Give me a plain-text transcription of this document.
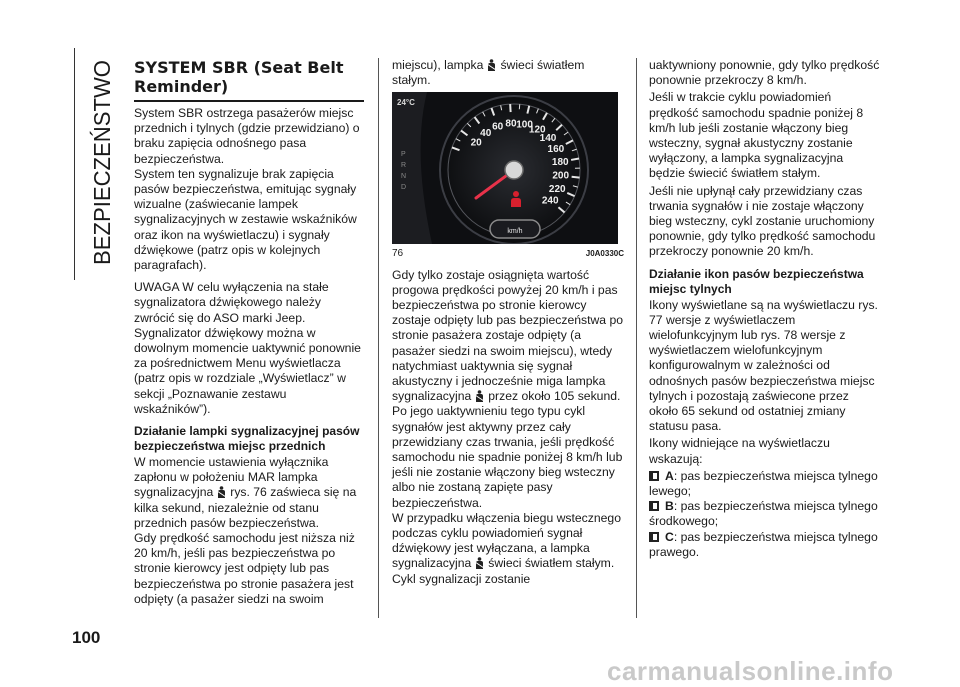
BEZPIECZEŃSTWO
100
SYSTEM SBR (Seat Belt Reminder)

System SBR ostrzega pasażerów miejsc przednich i tylnych (gdzie przewidziano) o braku zapięcia odnośnego pasa bezpieczeństwa.

System ten sygnalizuje brak zapięcia pasów bezpieczeństwa, emitując sygnały wizualne (zaświecanie lampek sygnalizacyjnych w zestawie wskaźników oraz ikon na wyświetlaczu) i sygnały dźwiękowe (patrz opis w kolejnych paragrafach).

UWAGA W celu wyłączenia na stałe sygnalizatora dźwiękowego należy zwrócić się do ASO marki Jeep. Sygnalizator dźwiękowy można w dowolnym momencie uaktywnić ponownie za pośrednictwem Menu wyświetlacza (patrz opis w rozdziale „Wyświetlacz” w sekcji „Poznawanie zestawu wskaźników”).

Działanie lampki sygnalizacyjnej pasów bezpieczeństwa miejsc przednich

W momencie ustawienia wyłącznika zapłonu w położeniu MAR lampka sygnalizacyjna rys. 76 zaświeca się na kilka sekund, niezależnie od stanu przednich pasów bezpieczeństwa.

Gdy prędkość samochodu jest niższa niż 20 km/h, jeśli pas bezpieczeństwa po stronie kierowcy jest odpięty lub pas bezpieczeństwa po stronie pasażera jest odpięty (a pasażer siedzi na swoim

miejscu), lampka świeci światłem stałym.

24°C
P
R
N
D
20
40
60 80 100
120
140
160
180
200
220
240
km/h
76	J0A0330C

Gdy tylko zostaje osiągnięta wartość progowa prędkości powyżej 20 km/h i pas bezpieczeństwa po stronie kierowcy zostaje odpięty lub pas bezpieczeństwa po stronie pasażera zostaje odpięty (a pasażer siedzi na swoim miejscu), wtedy natychmiast uaktywnia się sygnał akustyczny i jednocześnie miga lampka sygnalizacyjna przez około 105 sekund.

Po jego uaktywnieniu tego typu cykl sygnałów jest aktywny przez cały przewidziany czas trwania, jeśli prędkość samochodu nie spadnie poniżej 8 km/h lub jeśli nie zostanie włączony bieg wsteczny albo nie zostaną zapięte pasy bezpieczeństwa.

W przypadku włączenia biegu wstecznego podczas cyklu powiadomień sygnał dźwiękowy jest wyłączana, a lampka sygnalizacyjna świeci światłem stałym. Cykl sygnalizacji zostanie

uaktywniony ponownie, gdy tylko prędkość ponownie przekroczy 8 km/h.

Jeśli w trakcie cyklu powiadomień prędkość samochodu spadnie poniżej 8 km/h lub jeśli zostanie włączony bieg wsteczny, sygnał akustyczny zostanie wyłączony, a lampka sygnalizacyjna będzie świecić światłem stałym.

Jeśli nie upłynął cały przewidziany czas trwania sygnałów i nie zostaje włączony bieg wsteczny, cykl zostanie uruchomiony ponownie, gdy tylko prędkość samochodu przekroczy ponownie 20 km/h.

Działanie ikon pasów bezpieczeństwa miejsc tylnych

Ikony wyświetlane są na wyświetlaczu rys. 77 wersje z wyświetlaczem wielofunkcyjnym lub rys. 78 wersje z wyświetlaczem wielofunkcyjnym konfigurowalnym w zależności od odnośnych pasów bezpieczeństwa miejsc tylnych i pozostają zaświecone przez około 65 sekund od ostatniej zmiany statusu pasa.

Ikony widniejące na wyświetlaczu wskazują:

A: pas bezpieczeństwa miejsca tylnego lewego;
B: pas bezpieczeństwa miejsca tylnego środkowego;
C: pas bezpieczeństwa miejsca tylnego prawego.
carmanualsonline.info
